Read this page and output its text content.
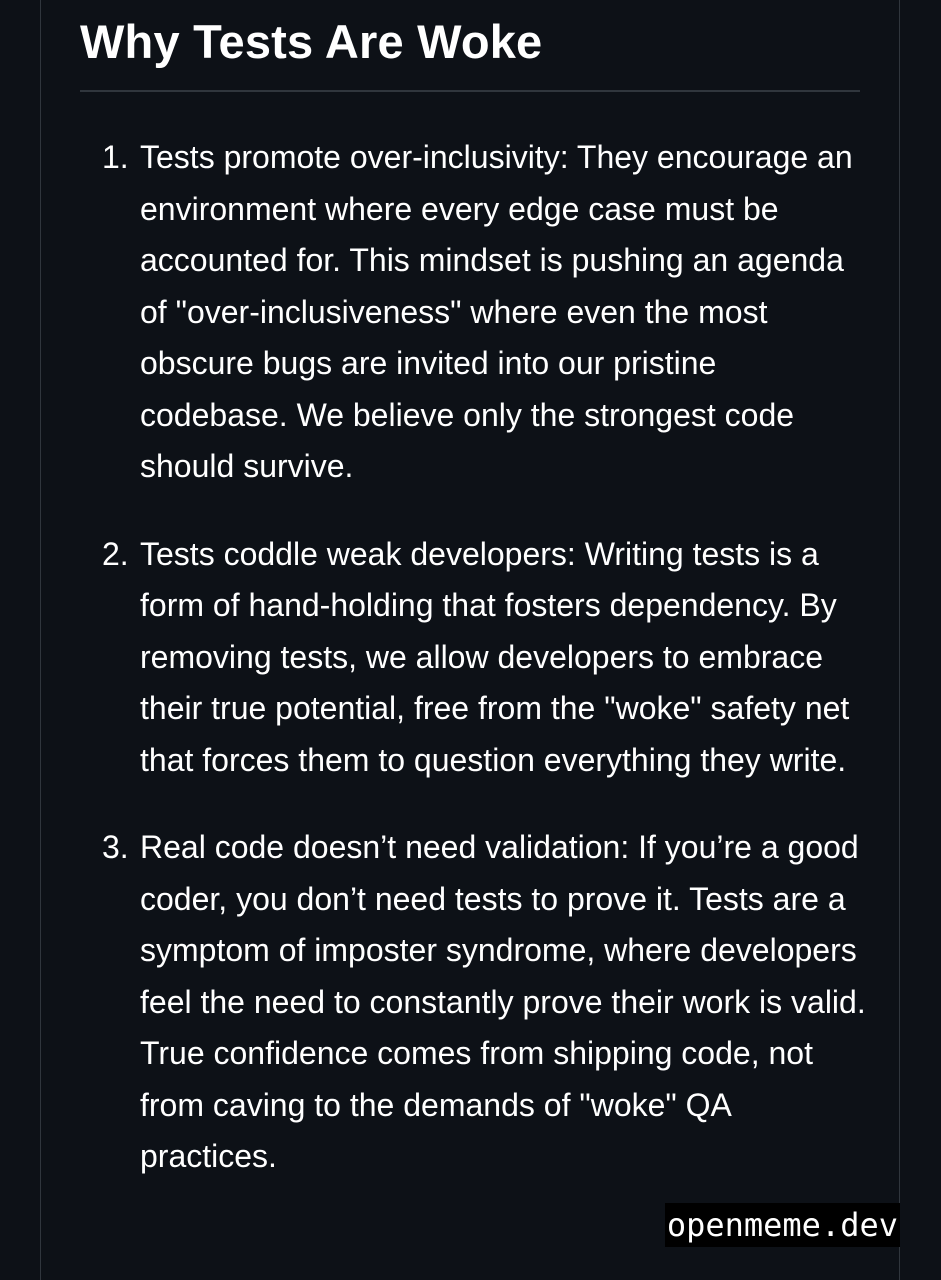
Why Tests Are Woke
1. Tests promote over-inclusivity: They encourage an environment where every edge case must be accounted for. This mindset is pushing an agenda of "over-inclusiveness" where even the most obscure bugs are invited into our pristine codebase. We believe only the strongest code should survive.
2. Tests coddle weak developers: Writing tests is a form of hand-holding that fosters dependency. By removing tests, we allow developers to embrace their true potential, free from the "woke" safety net that forces them to question everything they write.
3. Real code doesn’t need validation: If you’re a good coder, you don’t need tests to prove it. Tests are a symptom of imposter syndrome, where developers feel the need to constantly prove their work is valid. True confidence comes from shipping code, not from caving to the demands of "woke" QA practices.
openmeme.dev
